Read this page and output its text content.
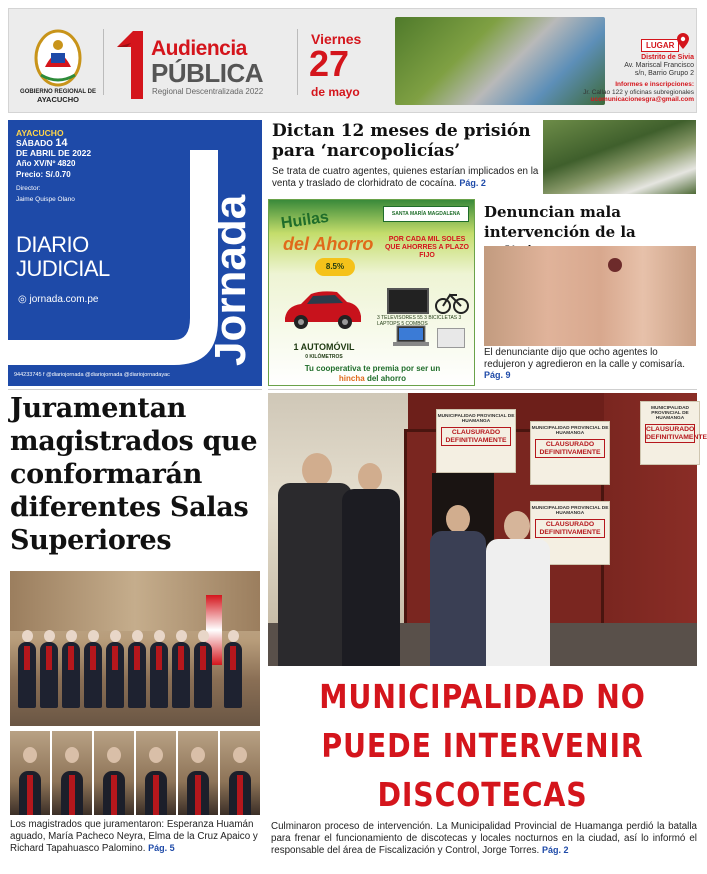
GOBIERNO REGIONAL DE
AYACUCHO
Audiencia
PÚBLICA
Regional Descentralizada 2022
Viernes
27
de mayo
LUGAR
Distrito de Sivia
Av. Mariscal Francisco
s/n, Barrio Grupo 2
Informes e inscripciones:
Jr. Callao 122 y oficinas subregionales
ucomunicacionesgra@gmail.com
AYACUCHO
SÁBADO 14
DE ABRIL DE 2022
Año XV/Nº 4820
Precio: S/.0.70
Director:
Jaime Quispe Olano
DIARIO
JUDICIAL Jornada
◎ jornada.com.pe
944233745 f @diariojornada @diariojornada @diariojornadayac
Dictan 12 meses de prisión para ‘narcopolicías’
Se trata de cuatro agentes, quienes estarían implicados en la venta y traslado de clorhidrato de cocaína. Pág. 2
Huilas
del Ahorro
SANTA MARÍA MAGDALENA
POR CADA MIL SOLES QUE AHORRES A PLAZO FIJO
8.5%
1 AUTOMÓVIL
0 KILÓMETROS
3 TELEVISORES 55 3 BICICLETAS 3 LAPTOPS 5 COMBOS
Tu cooperativa te premia por ser un
hincha del ahorro
Denuncian mala intervención de la
El denunciante dijo que ocho agentes lo redujeron y agredieron en la calle y comisaría. Pág. 9
Juramentan magistrados que conformarán diferentes Salas Superiores
Los magistrados que juramentaron: Esperanza Huamán aguado, María Pacheco Neyra, Elma de la Cruz Apaico y Richard Tapahuasco Palomino. Pág. 5
MUNICIPALIDAD PROVINCIAL DE HUAMANGA
CLAUSURADO DEFINITIVAMENTE
MUNICIPALIDAD PROVINCIAL DE HUAMANGA
CLAUSURADO DEFINITIVAMENTE
MUNICIPALIDAD PROVINCIAL DE HUAMANGA
CLAUSURADO DEFINITIVAMENTE
MUNICIPALIDAD PROVINCIAL DE HUAMANGA
CLAUSURADO DEFINITIVAMENTE
MUNICIPALIDAD NO PUEDE INTERVENIR DISCOTECAS
Culminaron proceso de intervención. La Municipalidad Provincial de Huamanga perdió la batalla para frenar el funcionamiento de discotecas y locales nocturnos en la ciudad, así lo informó el responsable del área de Fiscalización y Control, Jorge Torres. Pág. 2
